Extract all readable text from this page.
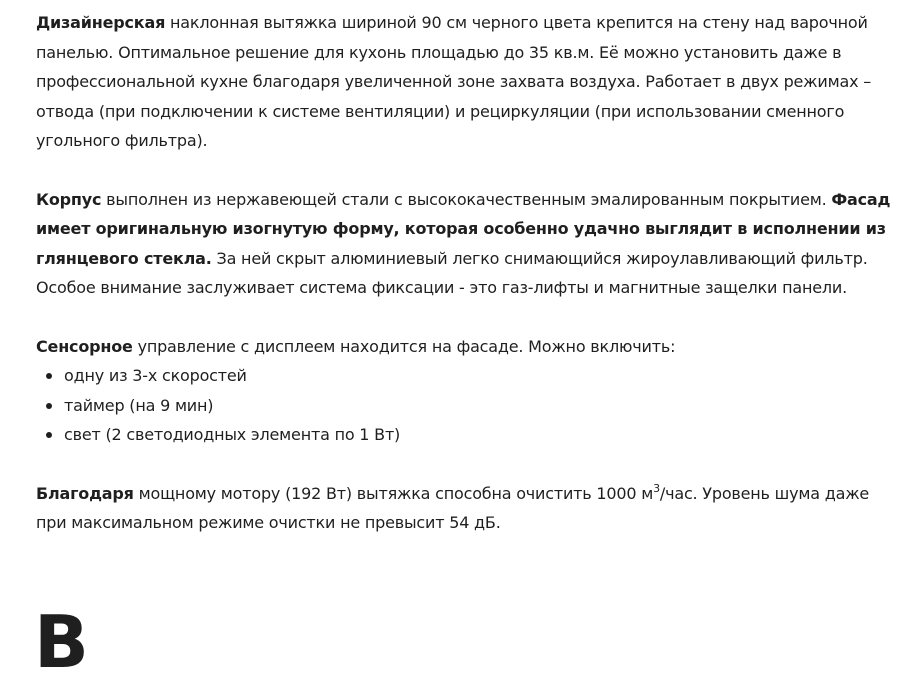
Дизайнерская наклонная вытяжка шириной 90 см черного цвета крепится на стену над варочной панелью. Оптимальное решение для кухонь площадью до 35 кв.м. Её можно установить даже в профессиональной кухне благодаря увеличенной зоне захвата воздуха. Работает в двух режимах – отвода (при подключении к системе вентиляции) и рециркуляции (при использовании сменного угольного фильтра).

Корпус выполнен из нержавеющей стали с высококачественным эмалированным покрытием. Фасад имеет оригинальную изогнутую форму, которая особенно удачно выглядит в исполнении из глянцевого стекла. За ней скрыт алюминиевый легко снимающийся жироулавливающий фильтр. Особое внимание заслуживает система фиксации - это газ-лифты и магнитные защелки панели.

Сенсорное управление с дисплеем находится на фасаде. Можно включить:

одну из 3-х скоростей
таймер (на 9 мин)
свет (2 светодиодных элемента по 1 Вт)

Благодаря мощному мотору (192 Вт) вытяжка способна очистить 1000 $м^3$/час. Уровень шума даже при максимальном режиме очистки не превысит 54 дБ.

В
